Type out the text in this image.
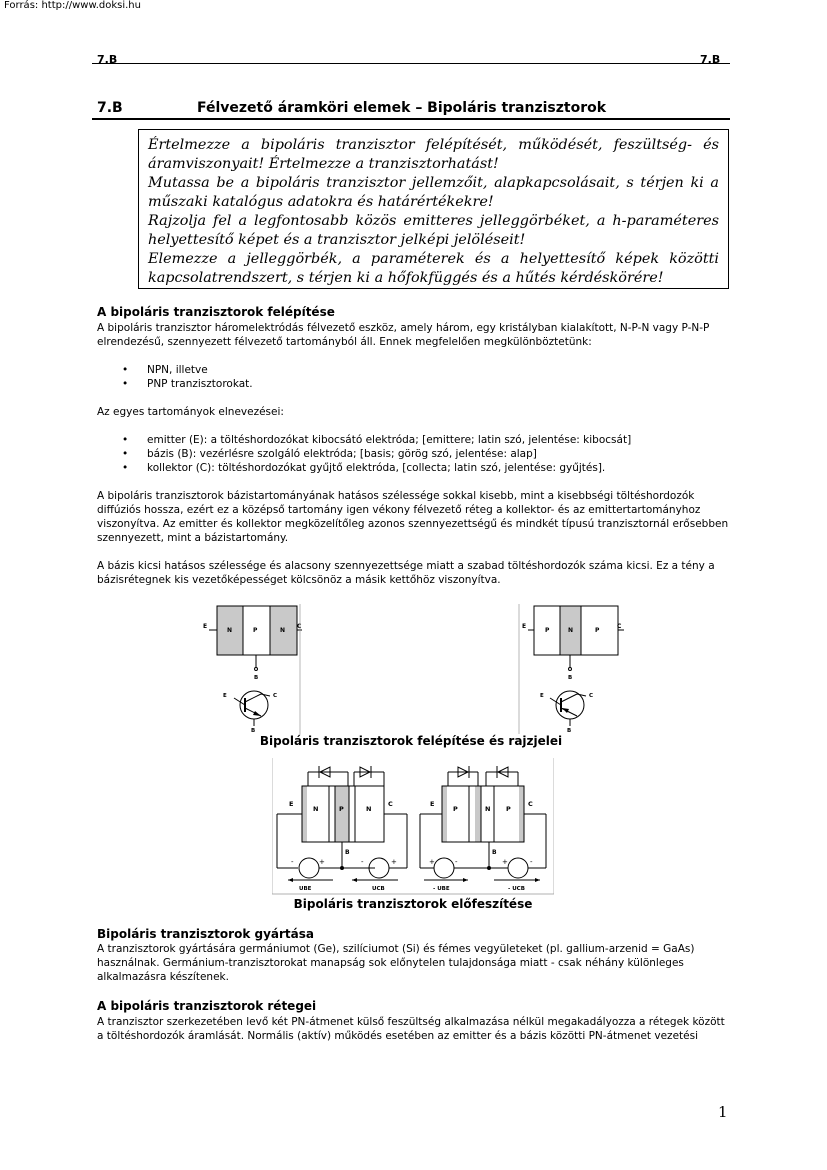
Forrás: http://www.doksi.hu
7.B	7.B
7.B	Félvezető áramköri elemek – Bipoláris tranzisztorok

Értelmezze a bipoláris tranzisztor felépítését, működését, feszültség- és áramviszonyait! Értelmezze a tranzisztorhatást!

Mutassa be a bipoláris tranzisztor jellemzőit, alapkapcsolásait, s térjen ki a műszaki katalógus adatokra és határértékekre!

Rajzolja fel a legfontosabb közös emitteres jelleggörbéket, a h-paraméteres helyettesítő képet és a tranzisztor jelképi jelöléseit!

Elemezze a jelleggörbék, a paraméterek és a helyettesítő képek közötti kapcsolatrendszert, s térjen ki a hőfokfüggés és a hűtés kérdéskörére!

A bipoláris tranzisztorok felépítése

A bipoláris tranzisztor háromelektródás félvezető eszköz, amely három, egy kristályban kialakított, N-P-N vagy P-N-P elrendezésű, szennyezett félvezető tartományból áll. Ennek megfelelően megkülönböztetünk:

• NPN, illetve
• PNP tranzisztorokat.

Az egyes tartományok elnevezései:

• emitter (E): a töltéshordozókat kibocsátó elektróda; [emittere; latin szó, jelentése: kibocsát]
• bázis (B): vezérlésre szolgáló elektróda; [basis; görög szó, jelentése: alap]
• kollektor (C): töltéshordozókat gyűjtő elektróda, [collecta; latin szó, jelentése: gyűjtés].

A bipoláris tranzisztorok bázistartományának hatásos szélessége sokkal kisebb, mint a kisebbségi töltéshordozók diffúziós hossza, ezért ez a középső tartomány igen vékony félvezető réteg a kollektor- és az emittertartományhoz viszonyítva. Az emitter és kollektor megközelítőleg azonos szennyezettségű és mindkét típusú tranzisztornál erősebben szennyezett, mint a bázistartomány.

A bázis kicsi hatásos szélessége és alacsony szennyezettsége miatt a szabad töltéshordozók száma kicsi. Ez a tény a bázisrétegnek kis vezetőképességet kölcsönöz a másik kettőhöz viszonyítva.

E	C
N	P	N
B
E	C
B
E	C
P	N	P
B
E	C
B
Bipoláris tranzisztorok felépítése és rajzjelei
N	P	N
E	C
B
-	+	-	+
UBE	UCB
P	N P
E	C
B
+	-	+	-
- UBE	- UCB
Bipoláris tranzisztorok előfeszítése
Bipoláris tranzisztorok gyártása
A tranzisztorok gyártására germániumot (Ge), szilíciumot (Si) és fémes vegyületeket (pl. gallium-arzenid = GaAs) használnak. Germánium-tranzisztorokat manapság sok előnytelen tulajdonsága miatt - csak néhány különleges alkalmazásra készítenek.
A bipoláris tranzisztorok rétegei
A tranzisztor szerkezetében levő két PN-átmenet külső feszültség alkalmazása nélkül megakadályozza a rétegek között a töltéshordozók áramlását. Normális (aktív) működés esetében az emitter és a bázis közötti PN-átmenet vezetési
1
